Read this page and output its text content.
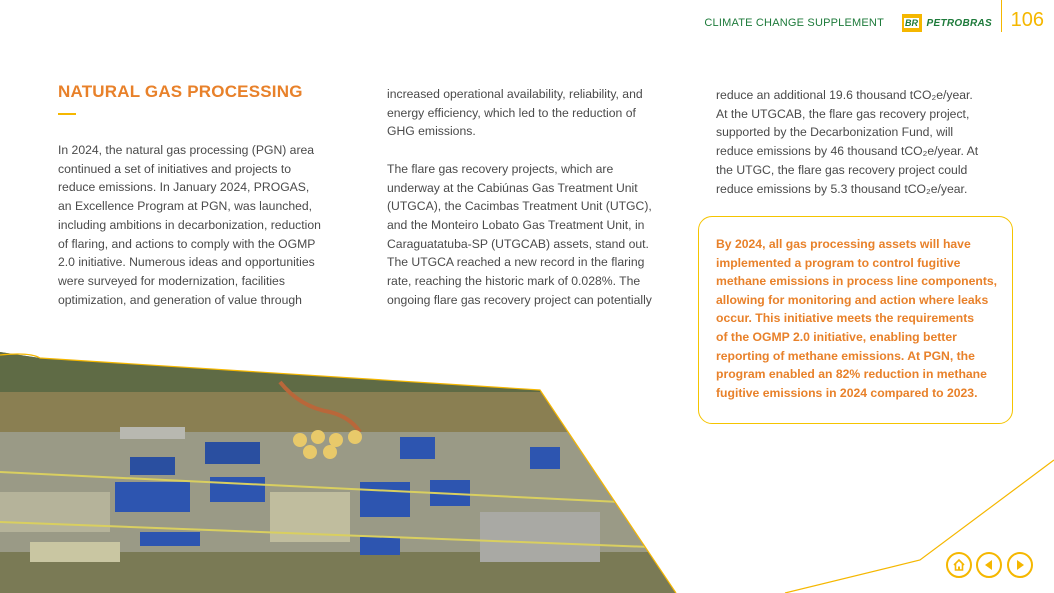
CLIMATE CHANGE SUPPLEMENT BR PETROBRAS 106
NATURAL GAS PROCESSING
In 2024, the natural gas processing (PGN) area
continued a set of initiatives and projects to
reduce emissions. In January 2024, PROGAS,
an Excellence Program at PGN, was launched,
including ambitions in decarbonization, reduction
of flaring, and actions to comply with the OGMP
2.0 initiative. Numerous ideas and opportunities
were surveyed for modernization, facilities
optimization, and generation of value through
increased operational availability, reliability, and
energy efficiency, which led to the reduction of
GHG emissions.

The flare gas recovery projects, which are
underway at the Cabiúnas Gas Treatment Unit
(UTGCA), the Cacimbas Treatment Unit (UTGC),
and the Monteiro Lobato Gas Treatment Unit, in
Caraguatatuba-SP (UTGCAB) assets, stand out.
The UTGCA reached a new record in the flaring
rate, reaching the historic mark of 0.028%. The
ongoing flare gas recovery project can potentially
reduce an additional 19.6 thousand tCO₂e/year.
At the UTGCAB, the flare gas recovery project,
supported by the Decarbonization Fund, will
reduce emissions by 46 thousand tCO₂e/year. At
the UTGC, the flare gas recovery project could
reduce emissions by 5.3 thousand tCO₂e/year.
By 2024, all gas processing assets will have
implemented a program to control fugitive
methane emissions in process line components,
allowing for monitoring and action where leaks
occur. This initiative meets the requirements
of the OGMP 2.0 initiative, enabling better
reporting of methane emissions. At PGN, the
program enabled an 82% reduction in methane
fugitive emissions in 2024 compared to 2023.
